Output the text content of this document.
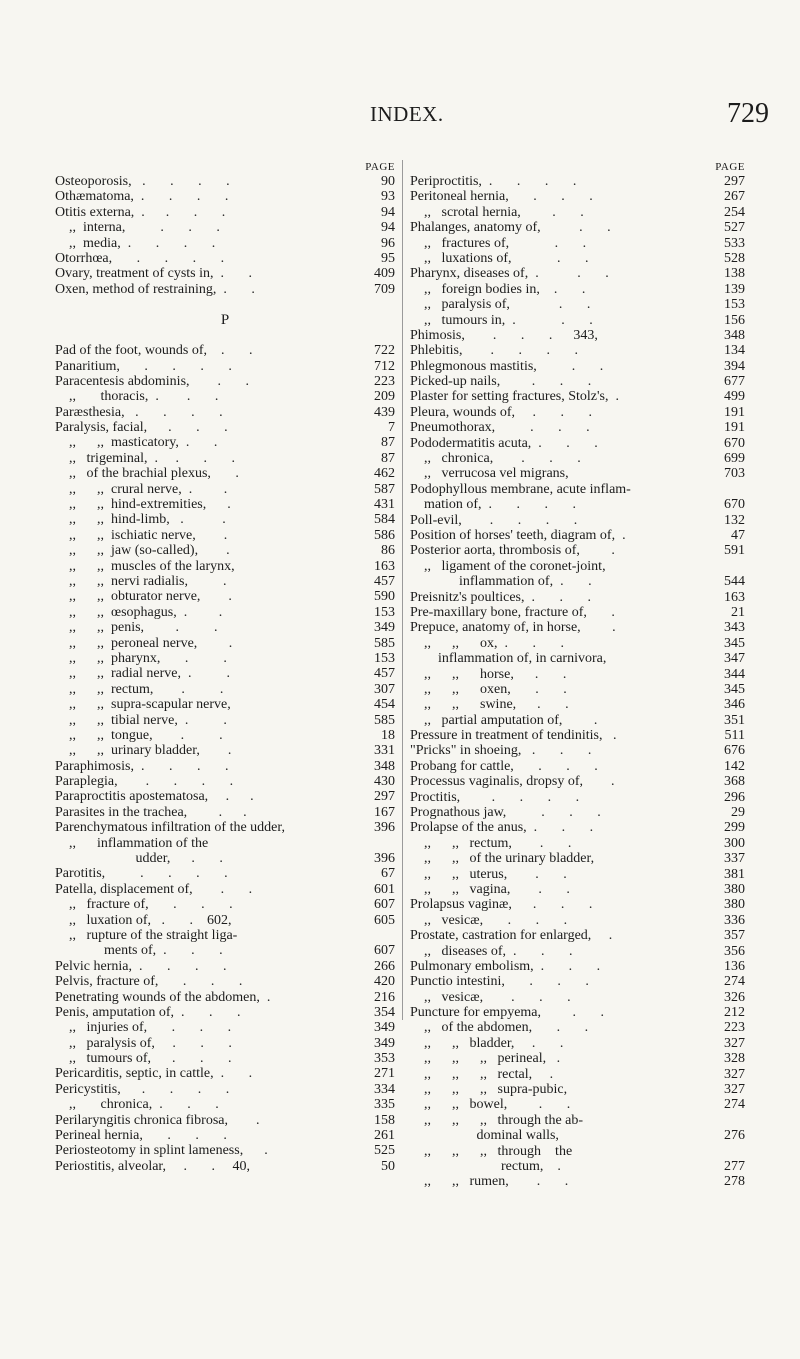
INDEX.	729
PAGE
Osteoporosis,   .       .       .       .	90
Othæmatoma,  .       .       .       .	93
Otitis externa,  .      .       .       .	94
,,  interna,          .       .       .	94
,,  media,  .       .       .       .	96
Otorrhœa,       .       .       .       .	95
Ovary, treatment of cysts in,  .       .	409
Oxen, method of restraining,  .       .	709
P
Pad of the foot, wounds of,    .       .	722
Panaritium,       .       .       .       .	712
Paracentesis abdominis,        .       .	223
,,       thoracis,  .        .       .	209
Paræsthesia,   .       .       .       .	439
Paralysis, facial,      .       .       .	7
,,      ,,  masticatory,  .       .	87
,,   trigeminal,  .     .       .       .	87
,,   of the brachial plexus,       .	462
,,      ,,  crural nerve,  .         .	587
,,      ,,  hind-extremities,      .	431
,,      ,,  hind-limb,   .           .	584
,,      ,,  ischiatic nerve,        .	586
,,      ,,  jaw (so-called),        .	86
,,      ,,  muscles of the larynx,	163
,,      ,,  nervi radialis,          .	457
,,      ,,  obturator nerve,        .	590
,,      ,,  œsophagus,  .         .	153
,,      ,,  penis,         .          .	349
,,      ,,  peroneal nerve,         .	585
,,      ,,  pharynx,       .          .	153
,,      ,,  radial nerve,  .          .	457
,,      ,,  rectum,        .          .	307
,,      ,,  supra-scapular nerve,	454
,,      ,,  tibial nerve,  .          .	585
,,      ,,  tongue,        .          .	18
,,      ,,  urinary bladder,        .	331
Paraphimosis,  .       .       .       .	348
Paraplegia,        .       .       .       .	430
Paraproctitis apostematosa,     .      .	297
Parasites in the trachea,         .      .	167
Parenchymatous infiltration of the udder,	396
,,      inflammation of the
udder,      .       .	396
Parotitis,          .       .       .       .	67
Patella, displacement of,        .       .	601
,,   fracture of,       .       .       .	607
,,   luxation of,   .       .    602,	605
,,   rupture of the straight liga-
ments of,  .       .       .	607
Pelvic hernia,  .       .       .       .	266
Pelvis, fracture of,       .       .       .	420
Penetrating wounds of the abdomen,  .	216
Penis, amputation of,  .       .       .	354
,,   injuries of,       .       .       .	349
,,   paralysis of,     .       .       .	349
,,   tumours of,      .       .       .	353
Pericarditis, septic, in cattle,  .       .	271
Pericystitis,      .       .       .       .	334
,,       chronica,  .       .       .	335
Perilaryngitis chronica fibrosa,        .	158
Perineal hernia,       .       .       .	261
Periosteotomy in splint lameness,      .	525
Periostitis, alveolar,     .       .     40,	50
PAGE
Periproctitis,  .       .       .       .	297
Peritoneal hernia,       .       .       .	267
,,   scrotal hernia,         .       .	254
Phalanges, anatomy of,           .       .	527
,,   fractures of,             .       .	533
,,   luxations of,             .       .	528
Pharynx, diseases of,  .           .       .	138
,,   foreign bodies in,    .       .	139
,,   paralysis of,              .       .	153
,,   tumours in,  .             .       .	156
Phimosis,        .       .       .      343,	348
Phlebitis,        .       .       .       .	134
Phlegmonous mastitis,          .       .	394
Picked-up nails,         .       .       .	677
Plaster for setting fractures, Stolz's,  .	499
Pleura, wounds of,     .       .       .	191
Pneumothorax,          .       .       .	191
Pododermatitis acuta,  .       .       .	670
,,   chronica,        .       .       .	699
,,   verrucosa vel migrans,	703
Podophyllous membrane, acute inflam-
mation of,  .       .       .       .	670
Poll-evil,        .       .       .       .	132
Position of horses' teeth, diagram of,  .	47
Posterior aorta, thrombosis of,         .	591
,,   ligament of the coronet-joint,
inflammation of,  .       .	544
Preisnitz's poultices,  .       .       .	163
Pre-maxillary bone, fracture of,       .	21
Prepuce, anatomy of, in horse,         .	343
,,      ,,      ox,  .       .       .	345
inflammation of, in carnivora,	347
,,      ,,      horse,      .       .	344
,,      ,,      oxen,       .       .	345
,,      ,,      swine,      .       .	346
,,   partial amputation of,         .	351
Pressure in treatment of tendinitis,   .	511
"Pricks" in shoeing,   .       .       .	676
Probang for cattle,       .       .       .	142
Processus vaginalis, dropsy of,        .	368
Proctitis,         .       .       .       .	296
Prognathous jaw,          .       .       .	29
Prolapse of the anus,  .       .       .	299
,,      ,,   rectum,        .       .	300
,,      ,,   of the urinary bladder,	337
,,      ,,   uterus,        .       .	381
,,      ,,   vagina,        .       .	380
Prolapsus vaginæ,      .       .       .	380
,,   vesicæ,       .       .       .	336
Prostate, castration for enlarged,     .	357
,,   diseases of,  .       .       .	356
Pulmonary embolism,  .       .       .	136
Punctio intestini,       .       .       .	274
,,   vesicæ,        .       .       .	326
Puncture for empyema,         .       .	212
,,   of the abdomen,       .       .	223
,,      ,,   bladder,     .       .	327
,,      ,,      ,,   perineal,   .	328
,,      ,,      ,,   rectal,     .	327
,,      ,,      ,,   supra-pubic,	327
,,      ,,   bowel,         .       .	274
,,      ,,      ,,   through the ab-
dominal walls,	276
,,      ,,      ,,   through    the
rectum,    .	277
,,      ,,   rumen,        .       .	278
